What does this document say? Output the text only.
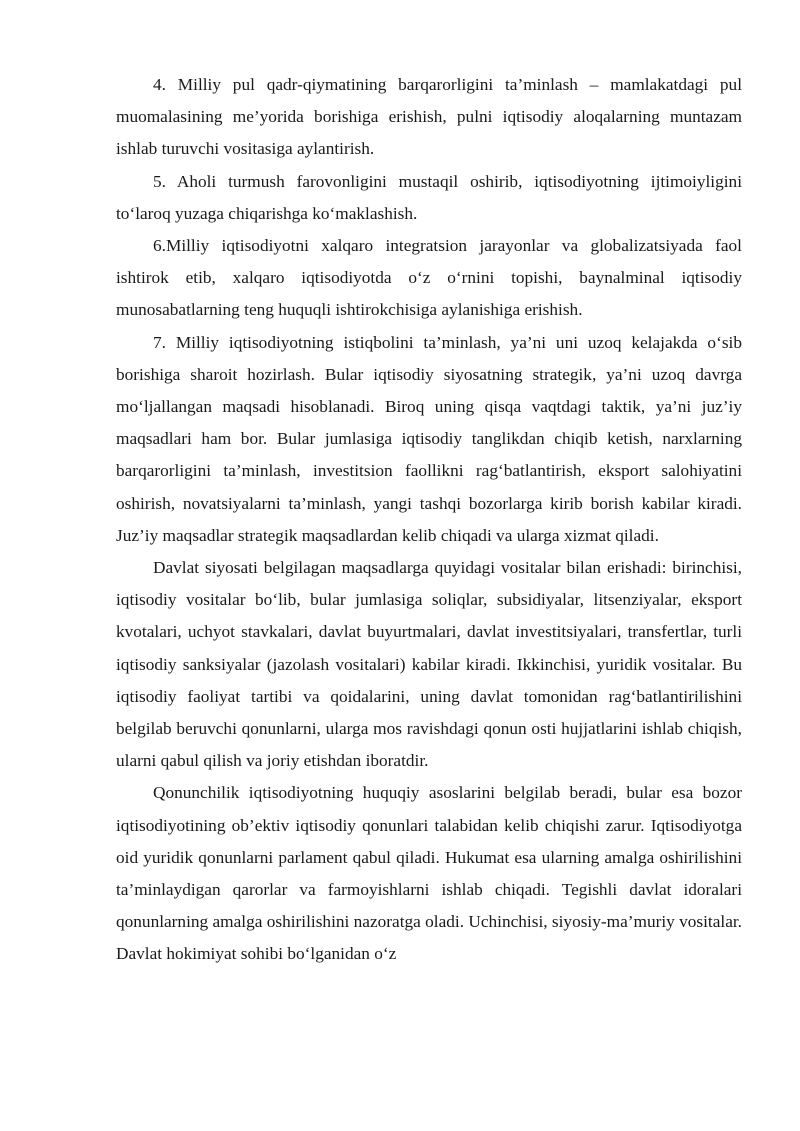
4. Milliy pul qadr-qiymatining barqarorligini ta’minlash – mamlakatdagi pul muomalasining me’yorida borishiga erishish, pulni iqtisodiy aloqalarning muntazam ishlab turuvchi vositasiga aylantirish.

5. Aholi turmush farovonligini mustaqil oshirib, iqtisodiyotning ijtimoiyligini to‘laroq yuzaga chiqarishga ko‘maklashish.

6.Milliy iqtisodiyotni xalqaro integratsion jarayonlar va globalizatsiyada faol ishtirok etib, xalqaro iqtisodiyotda o‘z o‘rnini topishi, baynalminal iqtisodiy munosabatlarning teng huquqli ishtirokchisiga aylanishiga erishish.

7. Milliy iqtisodiyotning istiqbolini ta’minlash, ya’ni uni uzoq kelajakda o‘sib borishiga sharoit hozirlash. Bular iqtisodiy siyosatning strategik, ya’ni uzoq davrga mo‘ljallangan maqsadi hisoblanadi. Biroq uning qisqa vaqtdagi taktik, ya’ni juz’iy maqsadlari ham bor. Bular jumlasiga iqtisodiy tanglikdan chiqib ketish, narxlarning barqarorligini ta’minlash, investitsion faollikni rag‘batlantirish, eksport salohiyatini oshirish, novatsiyalarni ta’minlash, yangi tashqi bozorlarga kirib borish kabilar kiradi. Juz’iy maqsadlar strategik maqsadlardan kelib chiqadi va ularga xizmat qiladi.

Davlat siyosati belgilagan maqsadlarga quyidagi vositalar bilan erishadi: birinchisi, iqtisodiy vositalar bo‘lib, bular jumlasiga soliqlar, subsidiyalar, litsenziyalar, eksport kvotalari, uchyot stavkalari, davlat buyurtmalari, davlat investitsiyalari, transfertlar, turli iqtisodiy sanksiyalar (jazolash vositalari) kabilar kiradi. Ikkinchisi, yuridik vositalar. Bu iqtisodiy faoliyat tartibi va qoidalarini, uning davlat tomonidan rag‘batlantirilishini belgilab beruvchi qonunlarni, ularga mos ravishdagi qonun osti hujjatlarini ishlab chiqish, ularni qabul qilish va joriy etishdan iboratdir.

Qonunchilik iqtisodiyotning huquqiy asoslarini belgilab beradi, bular esa bozor iqtisodiyotining ob’ektiv iqtisodiy qonunlari talabidan kelib chiqishi zarur. Iqtisodiyotga oid yuridik qonunlarni parlament qabul qiladi. Hukumat esa ularning amalga oshirilishini ta’minlaydigan qarorlar va farmoyishlarni ishlab chiqadi. Tegishli davlat idoralari qonunlarning amalga oshirilishini nazoratga oladi. Uchinchisi, siyosiy-ma’muriy vositalar. Davlat hokimiyat sohibi bo‘lganidan o‘z
